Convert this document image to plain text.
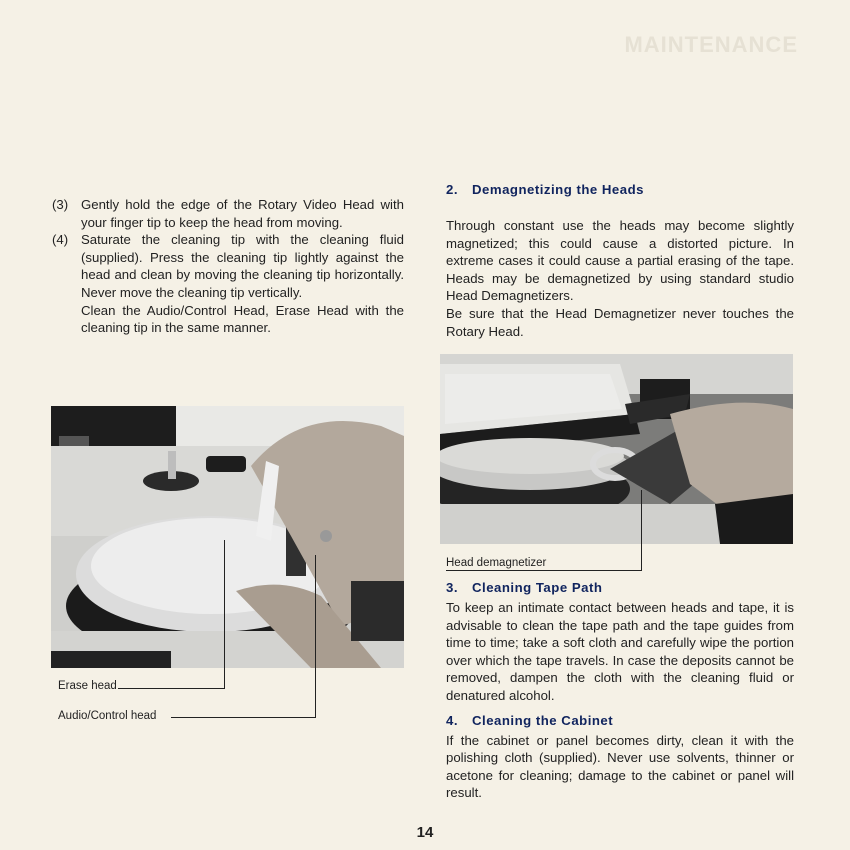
MAINTENANCE
(3) Gently hold the edge of the Rotary Video Head with your finger tip to keep the head from moving.
(4) Saturate the cleaning tip with the cleaning fluid (supplied). Press the cleaning tip lightly against the head and clean by moving the cleaning tip horizontally. Never move the cleaning tip vertically.

Clean the Audio/Control Head, Erase Head with the cleaning tip in the same manner.

Erase head
Audio/Control head
2. Demagnetizing the Heads

Through constant use the heads may become slightly magnetized; this could cause a distorted picture. In extreme cases it could cause a partial erasing of the tape. Heads may be demagnetized by using standard studio Head Demagnetizers.

Be sure that the Head Demagnetizer never touches the Rotary Head.

Head demagnetizer
3. Cleaning Tape Path

To keep an intimate contact between heads and tape, it is advisable to clean the tape path and the tape guides from time to time; take a soft cloth and carefully wipe the portion over which the tape travels. In case the deposits cannot be removed, dampen the cloth with the cleaning fluid or denatured alcohol.

4. Cleaning the Cabinet

If the cabinet or panel becomes dirty, clean it with the polishing cloth (supplied). Never use solvents, thinner or acetone for cleaning; damage to the cabinet or panel will result.

14
